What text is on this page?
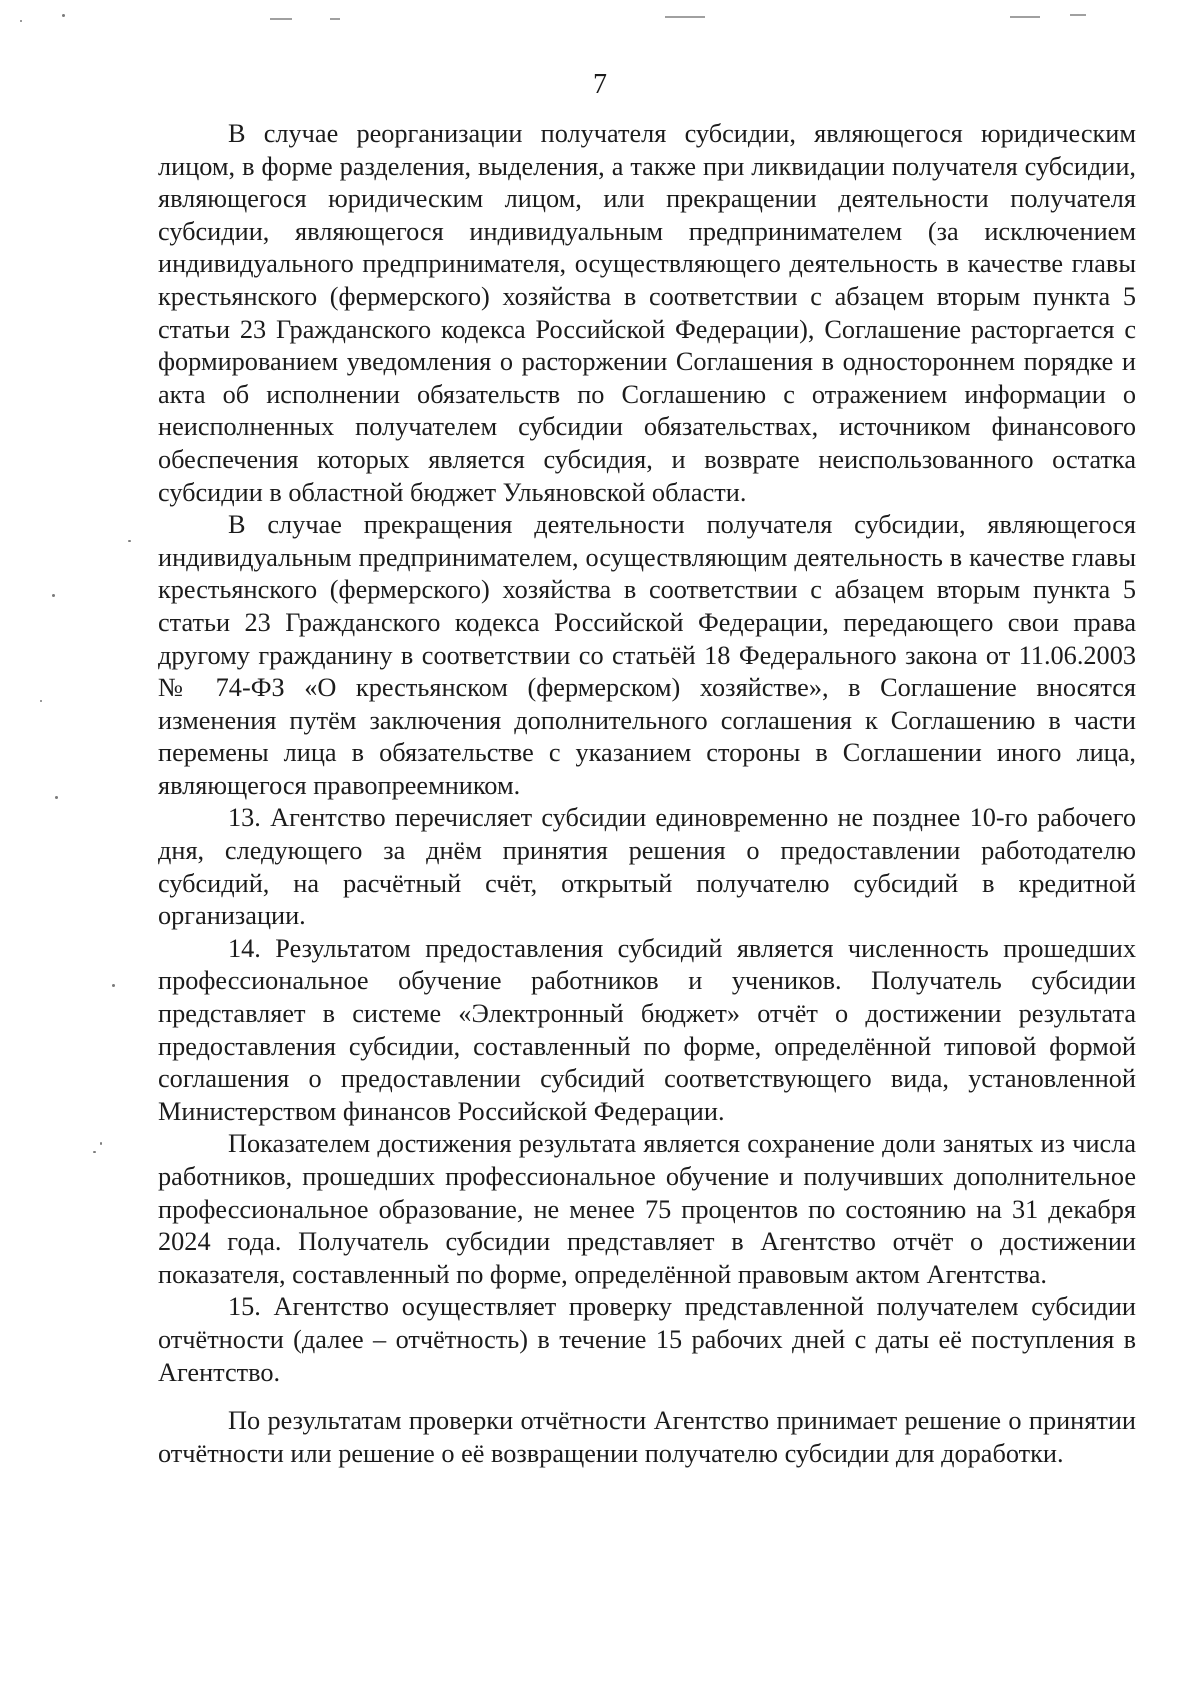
7

В случае реорганизации получателя субсидии, являющегося юридическим лицом, в форме разделения, выделения, а также при ликвидации получателя субсидии, являющегося юридическим лицом, или прекращении деятельности получателя субсидии, являющегося индивидуальным предпринимателем (за исключением индивидуального предпринимателя, осуществляющего деятельность в качестве главы крестьянского (фермерского) хозяйства в соответствии с абзацем вторым пункта 5 статьи 23 Гражданского кодекса Российской Федерации), Соглашение расторгается с формированием уведомления о расторжении Соглашения в одностороннем порядке и акта об исполнении обязательств по Соглашению с отражением информации о неисполненных получателем субсидии обязательствах, источником финансового обеспечения которых является субсидия, и возврате неиспользованного остатка субсидии в областной бюджет Ульяновской области.

В случае прекращения деятельности получателя субсидии, являющегося индивидуальным предпринимателем, осуществляющим деятельность в качестве главы крестьянского (фермерского) хозяйства в соответствии с абзацем вторым пункта 5 статьи 23 Гражданского кодекса Российской Федерации, передающего свои права другому гражданину в соответствии со статьёй 18 Федерального закона от 11.06.2003 № 74-ФЗ «О крестьянском (фермерском) хозяйстве», в Соглашение вносятся изменения путём заключения дополнительного соглашения к Соглашению в части перемены лица в обязательстве с указанием стороны в Соглашении иного лица, являющегося правопреемником.

13. Агентство перечисляет субсидии единовременно не позднее 10-го рабочего дня, следующего за днём принятия решения о предоставлении работодателю субсидий, на расчётный счёт, открытый получателю субсидий в кредитной организации.

14. Результатом предоставления субсидий является численность прошедших профессиональное обучение работников и учеников. Получатель субсидии представляет в системе «Электронный бюджет» отчёт о достижении результата предоставления субсидии, составленный по форме, определённой типовой формой соглашения о предоставлении субсидий соответствующего вида, установленной Министерством финансов Российской Федерации.

Показателем достижения результата является сохранение доли занятых из числа работников, прошедших профессиональное обучение и получивших дополнительное профессиональное образование, не менее 75 процентов по состоянию на 31 декабря 2024 года. Получатель субсидии представляет в Агентство отчёт о достижении показателя, составленный по форме, определённой правовым актом Агентства.

15. Агентство осуществляет проверку представленной получателем субсидии отчётности (далее – отчётность) в течение 15 рабочих дней с даты её поступления в Агентство.

По результатам проверки отчётности Агентство принимает решение о принятии отчётности или решение о её возвращении получателю субсидии для доработки.
